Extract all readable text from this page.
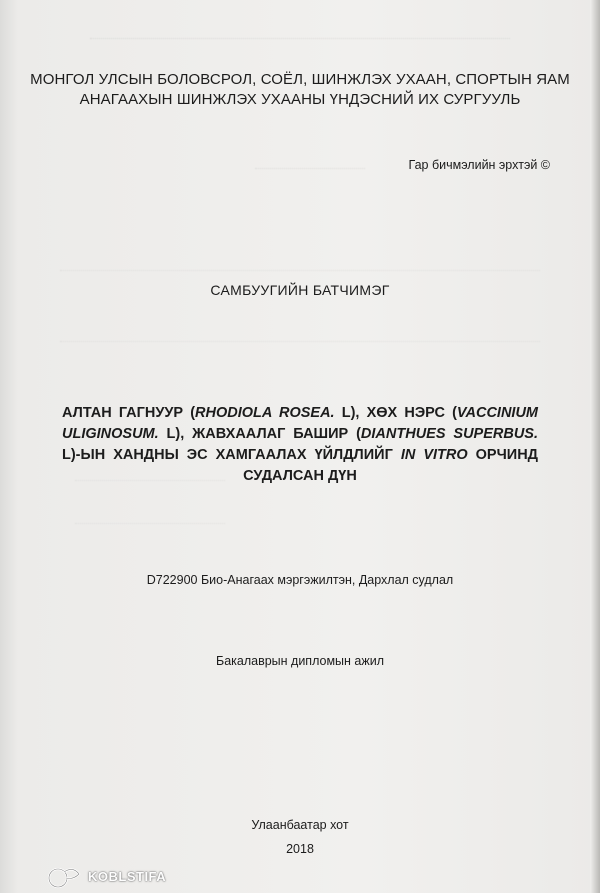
МОНГОЛ УЛСЫН БОЛОВСРОЛ, СОЁЛ, ШИНЖЛЭХ УХААН, СПОРТЫН ЯАМ
АНАГААХЫН ШИНЖЛЭХ УХААНЫ ҮНДЭСНИЙ ИХ СУРГУУЛЬ
Гар бичмэлийн эрхтэй ©
САМБУУГИЙН БАТЧИМЭГ
АЛТАН ГАГНУУР (RHODIOLA ROSEA. L), ХӨХ НЭРС (VACCINIUM ULIGINOSUM. L), ЖАВХААЛАГ БАШИР (DIANTHUES SUPERBUS. L)-ЫН ХАНДНЫ ЭС ХАМГААЛАХ ҮЙЛДЛИЙГ IN VITRO ОРЧИНД СУДАЛСАН ДҮН
D722900 Био-Анагаах мэргэжилтэн, Дархлал судлал
Бакалаврын дипломын ажил
Улаанбаатар хот
2018
KOBLSTIFA
